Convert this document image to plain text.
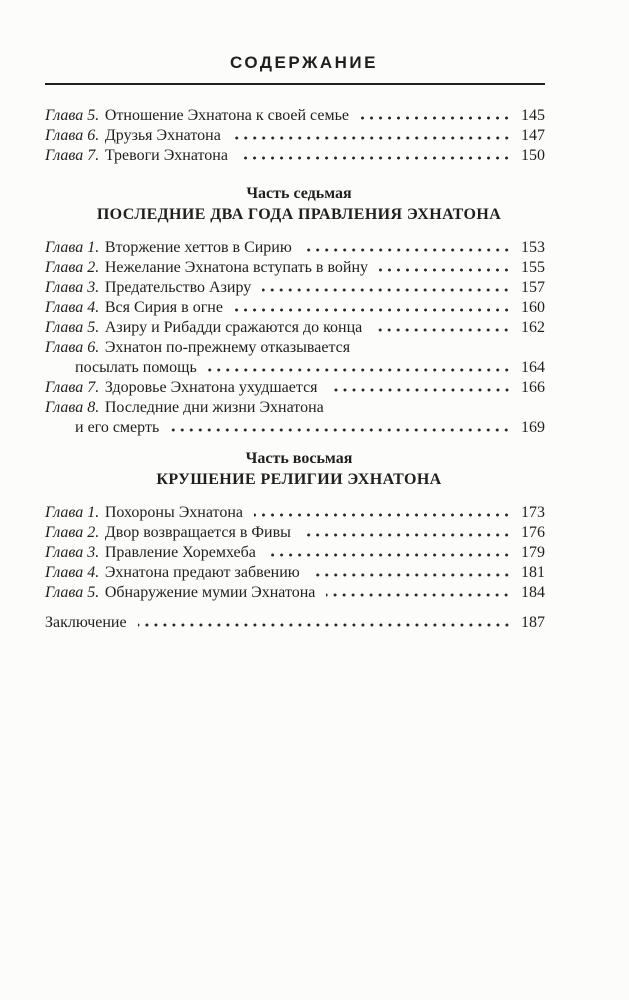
СОДЕРЖАНИЕ
Глава 5. Отношение Эхнатона к своей семье	145
Глава 6. Друзья Эхнатона	147
Глава 7. Тревоги Эхнатона	150
Часть седьмая
ПОСЛЕДНИЕ ДВА ГОДА ПРАВЛЕНИЯ ЭХНАТОНА
Глава 1. Вторжение хеттов в Сирию	153
Глава 2. Нежелание Эхнатона вступать в войну	155
Глава 3. Предательство Азиру	157
Глава 4. Вся Сирия в огне	160
Глава 5. Азиру и Рибадди сражаются до конца	162
Глава 6. Эхнатон по-прежнему отказывается
посылать помощь	164
Глава 7. Здоровье Эхнатона ухудшается	166
Глава 8. Последние дни жизни Эхнатона
и его смерть	169
Часть восьмая
КРУШЕНИЕ РЕЛИГИИ ЭХНАТОНА
Глава 1. Похороны Эхнатона	173
Глава 2. Двор возвращается в Фивы	176
Глава 3. Правление Хоремхеба	179
Глава 4. Эхнатона предают забвению	181
Глава 5. Обнаружение мумии Эхнатона	184
Заключение	187
